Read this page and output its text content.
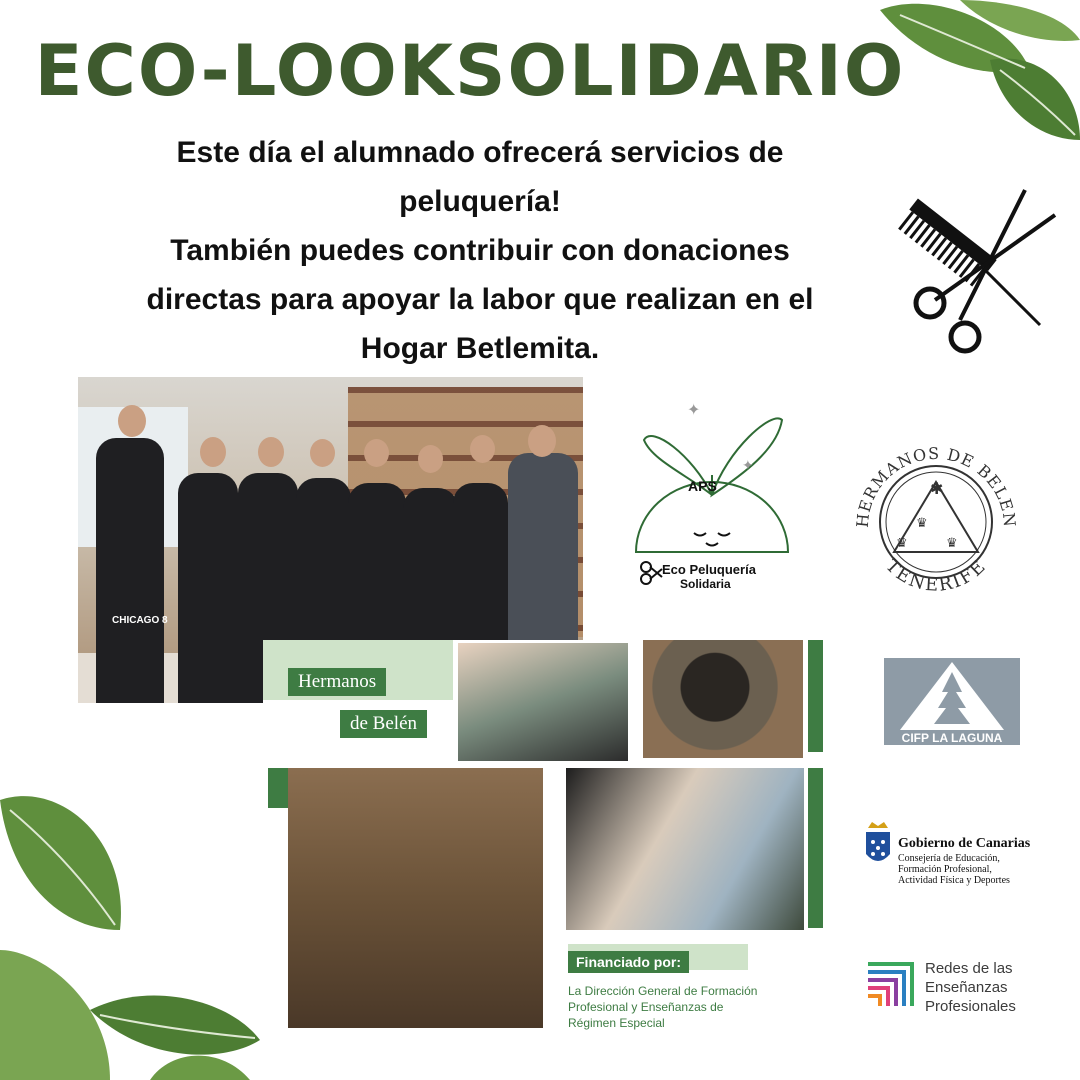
ECO-LOOKSOLIDARIO
Este día el alumnado ofrecerá servicios de
peluquería!
También puedes contribuir con donaciones
directas para apoyar la labor que realizan en el
Hogar Betlemita.
CHICAGO 8
Hermanos
de Belén
Financiado por:
La Dirección General de Formación
Profesional y Enseñanzas de
Régimen Especial
✦
✦
APS
Eco Peluquería
Solidaria
✱
♛
♛	♛
HERMANOS DE BELEN
TENERIFE
CIFP LA LAGUNA
Gobierno de Canarias
Consejería de Educación,
Formación Profesional,
Actividad Física y Deportes
Redes de las
Enseñanzas
Profesionales
